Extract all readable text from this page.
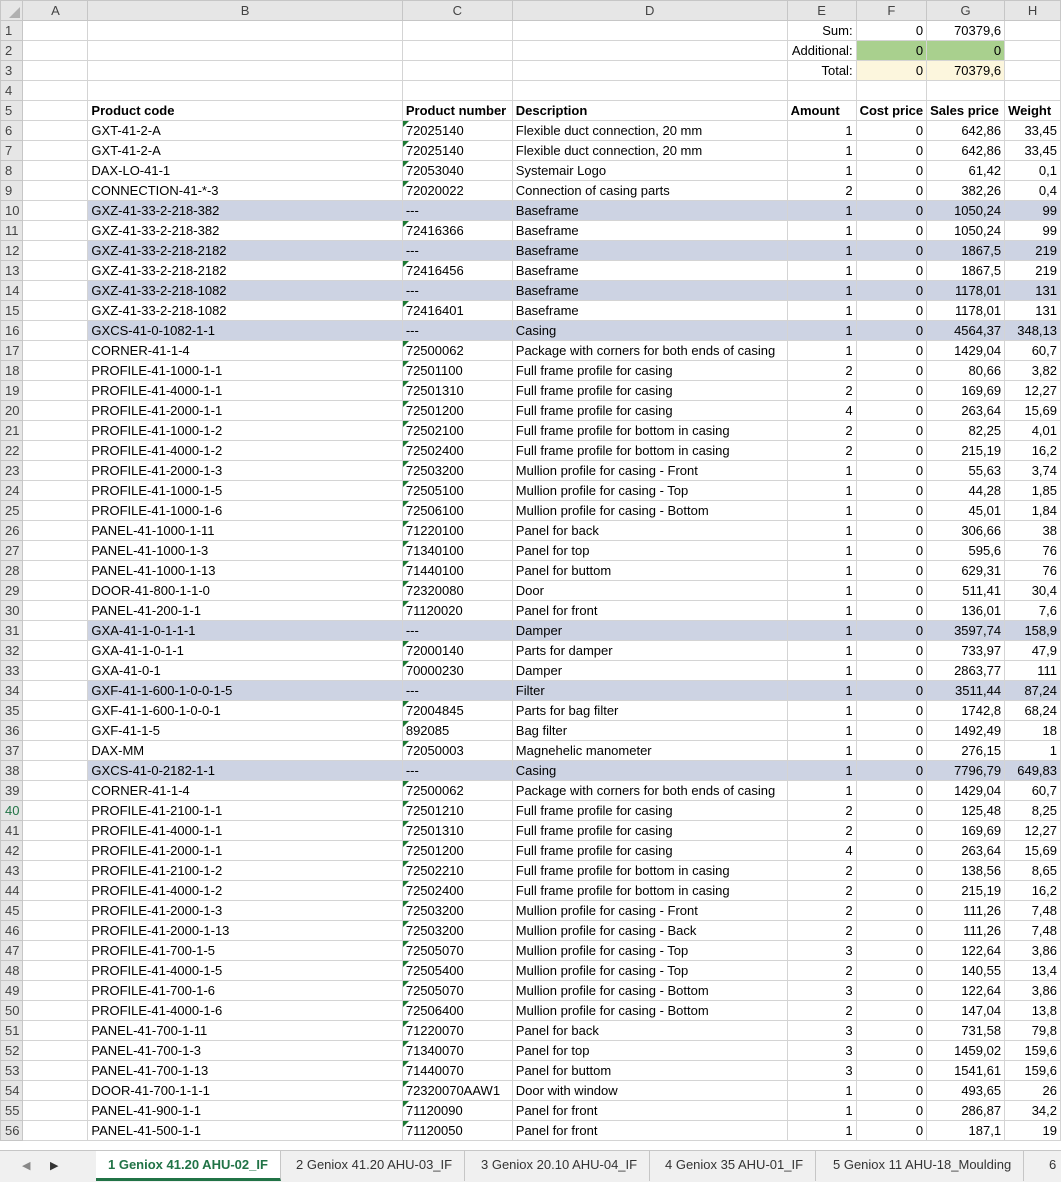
	A	B	C	D	E	F	G	H
1					Sum:	0	70379,6	
2					Additional:	0	0	
3					Total:	0	70379,6	
4								
5		Product code	Product number	Description	Amount	Cost price	Sales price	Weight
6		GXT-41-2-A	72025140	Flexible duct connection, 20 mm	1	0	642,86	33,45
7		GXT-41-2-A	72025140	Flexible duct connection, 20 mm	1	0	642,86	33,45
8		DAX-LO-41-1	72053040	Systemair Logo	1	0	61,42	0,1
9		CONNECTION-41-*-3	72020022	Connection of casing parts	2	0	382,26	0,4
10		GXZ-41-33-2-218-382	---	Baseframe	1	0	1050,24	99
11		GXZ-41-33-2-218-382	72416366	Baseframe	1	0	1050,24	99
12		GXZ-41-33-2-218-2182	---	Baseframe	1	0	1867,5	219
13		GXZ-41-33-2-218-2182	72416456	Baseframe	1	0	1867,5	219
14		GXZ-41-33-2-218-1082	---	Baseframe	1	0	1178,01	131
15		GXZ-41-33-2-218-1082	72416401	Baseframe	1	0	1178,01	131
16		GXCS-41-0-1082-1-1	---	Casing	1	0	4564,37	348,13
17		CORNER-41-1-4	72500062	Package with corners for both ends of casing	1	0	1429,04	60,7
18		PROFILE-41-1000-1-1	72501100	Full frame profile for casing	2	0	80,66	3,82
19		PROFILE-41-4000-1-1	72501310	Full frame profile for casing	2	0	169,69	12,27
20		PROFILE-41-2000-1-1	72501200	Full frame profile for casing	4	0	263,64	15,69
21		PROFILE-41-1000-1-2	72502100	Full frame profile for bottom in casing	2	0	82,25	4,01
22		PROFILE-41-4000-1-2	72502400	Full frame profile for bottom in casing	2	0	215,19	16,2
23		PROFILE-41-2000-1-3	72503200	Mullion profile for casing - Front	1	0	55,63	3,74
24		PROFILE-41-1000-1-5	72505100	Mullion profile for casing - Top	1	0	44,28	1,85
25		PROFILE-41-1000-1-6	72506100	Mullion profile for casing - Bottom	1	0	45,01	1,84
26		PANEL-41-1000-1-11	71220100	Panel for back	1	0	306,66	38
27		PANEL-41-1000-1-3	71340100	Panel for top	1	0	595,6	76
28		PANEL-41-1000-1-13	71440100	Panel for buttom	1	0	629,31	76
29		DOOR-41-800-1-1-0	72320080	Door	1	0	511,41	30,4
30		PANEL-41-200-1-1	71120020	Panel for front	1	0	136,01	7,6
31		GXA-41-1-0-1-1-1	---	Damper	1	0	3597,74	158,9
32		GXA-41-1-0-1-1	72000140	Parts for damper	1	0	733,97	47,9
33		GXA-41-0-1	70000230	Damper	1	0	2863,77	111
34		GXF-41-1-600-1-0-0-1-5	---	Filter	1	0	3511,44	87,24
35		GXF-41-1-600-1-0-0-1	72004845	Parts for bag filter	1	0	1742,8	68,24
36		GXF-41-1-5	892085	Bag filter	1	0	1492,49	18
37		DAX-MM	72050003	Magnehelic manometer	1	0	276,15	1
38		GXCS-41-0-2182-1-1	---	Casing	1	0	7796,79	649,83
39		CORNER-41-1-4	72500062	Package with corners for both ends of casing	1	0	1429,04	60,7
40		PROFILE-41-2100-1-1	72501210	Full frame profile for casing	2	0	125,48	8,25
41		PROFILE-41-4000-1-1	72501310	Full frame profile for casing	2	0	169,69	12,27
42		PROFILE-41-2000-1-1	72501200	Full frame profile for casing	4	0	263,64	15,69
43		PROFILE-41-2100-1-2	72502210	Full frame profile for bottom in casing	2	0	138,56	8,65
44		PROFILE-41-4000-1-2	72502400	Full frame profile for bottom in casing	2	0	215,19	16,2
45		PROFILE-41-2000-1-3	72503200	Mullion profile for casing - Front	2	0	111,26	7,48
46		PROFILE-41-2000-1-13	72503200	Mullion profile for casing - Back	2	0	111,26	7,48
47		PROFILE-41-700-1-5	72505070	Mullion profile for casing - Top	3	0	122,64	3,86
48		PROFILE-41-4000-1-5	72505400	Mullion profile for casing - Top	2	0	140,55	13,4
49		PROFILE-41-700-1-6	72505070	Mullion profile for casing - Bottom	3	0	122,64	3,86
50		PROFILE-41-4000-1-6	72506400	Mullion profile for casing - Bottom	2	0	147,04	13,8
51		PANEL-41-700-1-11	71220070	Panel for back	3	0	731,58	79,8
52		PANEL-41-700-1-3	71340070	Panel for top	3	0	1459,02	159,6
53		PANEL-41-700-1-13	71440070	Panel for buttom	3	0	1541,61	159,6
54		DOOR-41-700-1-1-1	72320070AAW1	Door with window	1	0	493,65	26
55		PANEL-41-900-1-1	71120090	Panel for front	1	0	286,87	34,2
56		PANEL-41-500-1-1	71120050	Panel for front	1	0	187,1	19
◀ ▶	1 Geniox 41.20 AHU-02_IF	2 Geniox 41.20 AHU-03_IF	3 Geniox 20.10 AHU-04_IF	4 Geniox 35 AHU-01_IF	5 Geniox 11 AHU-18_Moulding	6
